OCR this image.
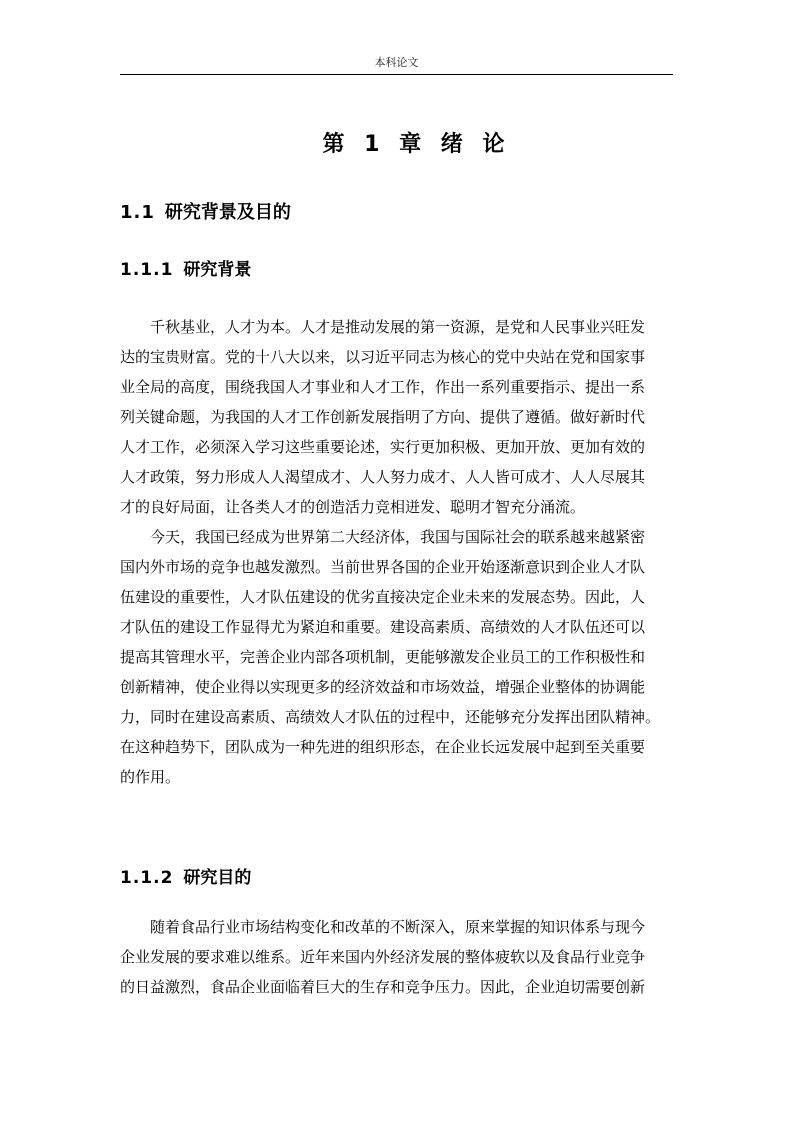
本科论文
第 1 章 绪 论
1.1 研究背景及目的
1.1.1 研究背景
千秋基业，人才为本。人才是推动发展的第一资源，是党和人民事业兴旺发
达的宝贵财富。党的十八大以来，以习近平同志为核心的党中央站在党和国家事
业全局的高度，围绕我国人才事业和人才工作，作出一系列重要指示、提出一系
列关键命题，为我国的人才工作创新发展指明了方向、提供了遵循。做好新时代
人才工作，必须深入学习这些重要论述，实行更加积极、更加开放、更加有效的
人才政策，努力形成人人渴望成才、人人努力成才、人人皆可成才、人人尽展其
才的良好局面，让各类人才的创造活力竞相迸发、聪明才智充分涌流。
今天，我国已经成为世界第二大经济体，我国与国际社会的联系越来越紧密
国内外市场的竞争也越发激烈。当前世界各国的企业开始逐渐意识到企业人才队
伍建设的重要性，人才队伍建设的优劣直接决定企业未来的发展态势。因此，人
才队伍的建设工作显得尤为紧迫和重要。建设高素质、高绩效的人才队伍还可以
提高其管理水平，完善企业内部各项机制，更能够激发企业员工的工作积极性和
创新精神，使企业得以实现更多的经济效益和市场效益，增强企业整体的协调能
力，同时在建设高素质、高绩效人才队伍的过程中，还能够充分发挥出团队精神。
在这种趋势下，团队成为一种先进的组织形态，在企业长远发展中起到至关重要
的作用。
1.1.2 研究目的
随着食品行业市场结构变化和改革的不断深入，原来掌握的知识体系与现今
企业发展的要求难以维系。近年来国内外经济发展的整体疲软以及食品行业竞争
的日益激烈，食品企业面临着巨大的生存和竞争压力。因此，企业迫切需要创新
